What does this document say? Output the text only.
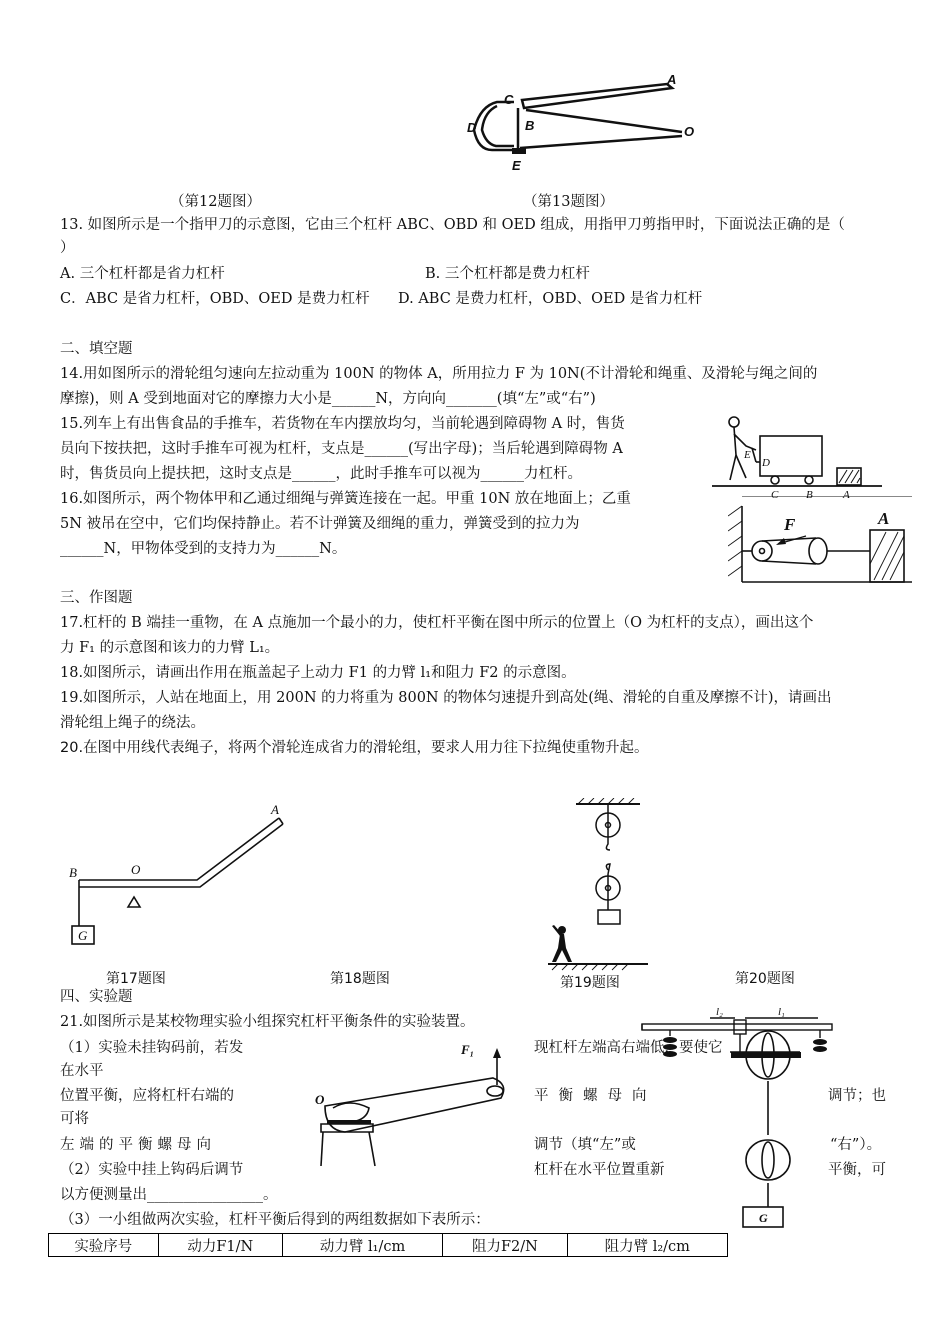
A
C
B
D	O
E
（第12题图）	（第13题图）
13. 如图所示是一个指甲刀的示意图，它由三个杠杆 ABC、OBD 和 OED 组成，用指甲刀剪指甲时，下面说法正确的是（
）
A. 三个杠杆都是省力杠杆	B. 三个杠杆都是费力杠杆
C．ABC 是省力杠杆，OBD、OED 是费力杠杆 D. ABC 是费力杠杆，OBD、OED 是省力杠杆
二、填空题
14.用如图所示的滑轮组匀速向左拉动重为 100N 的物体 A，所用拉力 F 为 10N(不计滑轮和绳重、及滑轮与绳之间的
摩擦)，则 A 受到地面对它的摩擦力大小是______N，方向向_______(填“左”或“右”)
15.列车上有出售食品的手推车，若货物在车内摆放均匀，当前轮遇到障碍物 A 时，售货
员向下按扶把，这时手推车可视为杠杆，支点是______(写出字母)；当后轮遇到障碍物 A
时，售货员向上提扶把，这时支点是______，此时手推车可以视为______力杠杆。
16.如图所示，两个物体甲和乙通过细绳与弹簧连接在一起。甲重 10N 放在地面上；乙重
5N 被吊在空中，它们均保持静止。若不计弹簧及细绳的重力，弹簧受到的拉力为
______N，甲物体受到的支持力为______N。
E
D
C	B	A
F	A
三、作图题
17.杠杆的 B 端挂一重物，在 A 点施加一个最小的力，使杠杆平衡在图中所示的位置上（O 为杠杆的支点），画出这个
力 F₁ 的示意图和该力的力臂 L₁。
18.如图所示，请画出作用在瓶盖起子上动力 F1 的力臂 l₁和阻力 F2 的示意图。
19.如图所示，人站在地面上，用 200N 的力将重为 800N 的物体匀速提升到高处(绳、滑轮的自重及摩擦不计)，请画出
滑轮组上绳子的绕法。
20.在图中用线代表绳子，将两个滑轮连成省力的滑轮组，要求人用力往下拉绳使重物升起。
A
B	O
G
G
第17题图	第18题图	第19题图	第20题图
四、实验题
21.如图所示是某校物理实验小组探究杠杆平衡条件的实验装置。
l₂	l₁
F₁
O
（1）实验未挂钩码前，若发	现杠杆左端高右端低，要使它
在水平
位置平衡，应将杠杆右端的	平衡螺母向	调节；也
可将
左端的平衡螺母向	调节（填“左”或	“右”）。
（2）实验中挂上钩码后调节	杠杆在水平位置重新	平衡，可
以方便测量出________________。
（3）一小组做两次实验，杠杆平衡后得到的两组数据如下表所示：
实验序号	动力F1/N	动力臂 l₁/cm	阻力F2/N	阻力臂 l₂/cm
